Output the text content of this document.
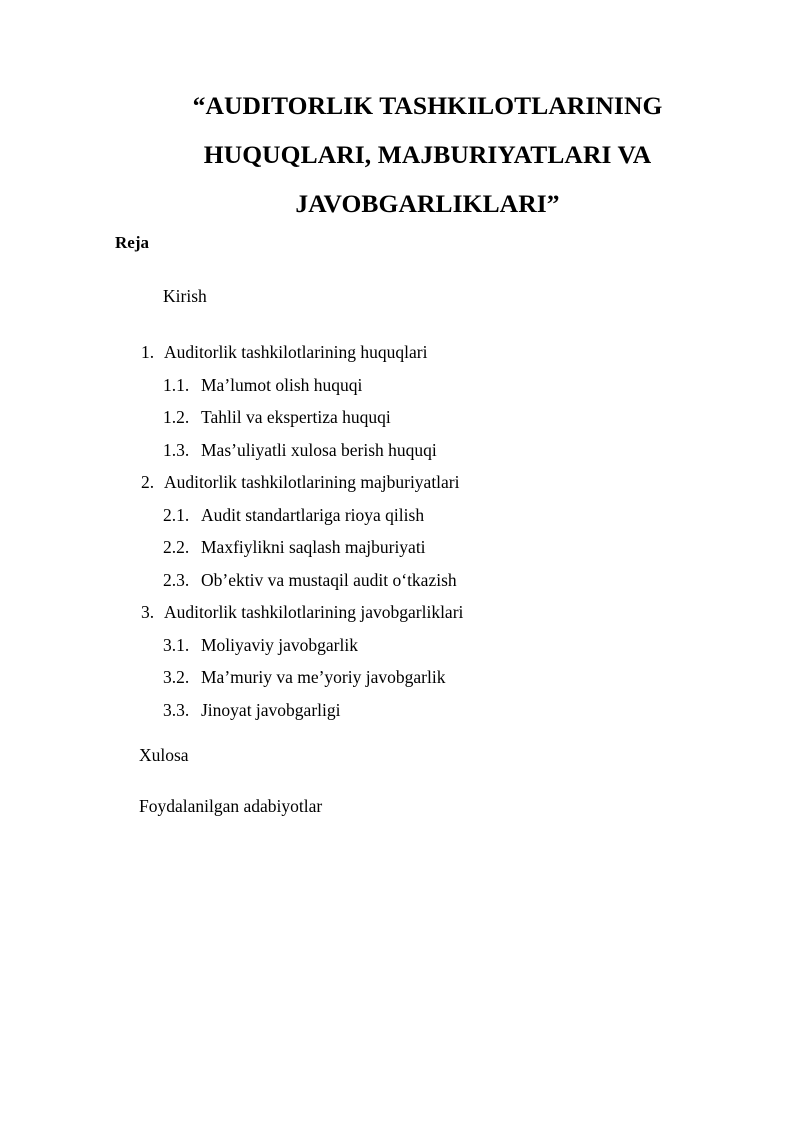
“AUDITORLIK TASHKILOTLARINING
HUQUQLARI, MAJBURIYATLARI VA
JAVOBGARLIKLARI”
Reja
Kirish
1. Auditorlik tashkilotlarining huquqlari
1.1. Ma’lumot olish huquqi
1.2. Tahlil va ekspertiza huquqi
1.3. Mas’uliyatli xulosa berish huquqi
2. Auditorlik tashkilotlarining majburiyatlari
2.1. Audit standartlariga rioya qilish
2.2. Maxfiylikni saqlash majburiyati
2.3. Ob’ektiv va mustaqil audit oʻtkazish
3. Auditorlik tashkilotlarining javobgarliklari
3.1. Moliyaviy javobgarlik
3.2. Ma’muriy va me’yoriy javobgarlik
3.3. Jinoyat javobgarligi
Xulosa
Foydalanilgan adabiyotlar
